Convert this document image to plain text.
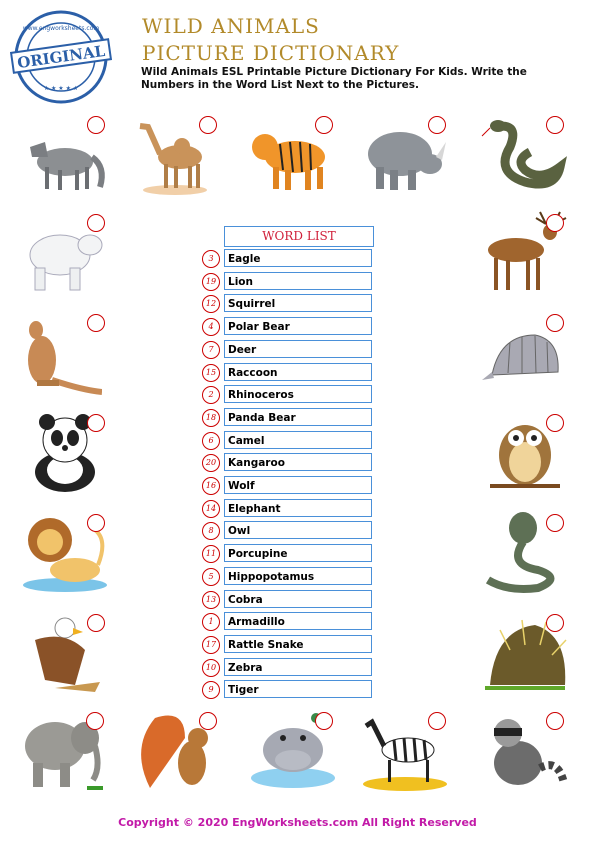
ORIGINAL
www.engworksheets.com
★ ★ ★ ★ ★
WILD ANIMALS
PICTURE DICTIONARY
Wild Animals ESL Printable Picture Dictionary For Kids. Write the Numbers in the Word List Next to the Pictures.
WORD LIST
3	Eagle
19	Lion
12	Squirrel
4	Polar Bear
7	Deer
15	Raccoon
2	Rhinoceros
18	Panda Bear
6	Camel
20	Kangaroo
16	Wolf
14	Elephant
8	Owl
11	Porcupine
5	Hippopotamus
13	Cobra
1	Armadillo
17	Rattle Snake
10	Zebra
9	Tiger
Copyright © 2020 EngWorksheets.com All Right Reserved
